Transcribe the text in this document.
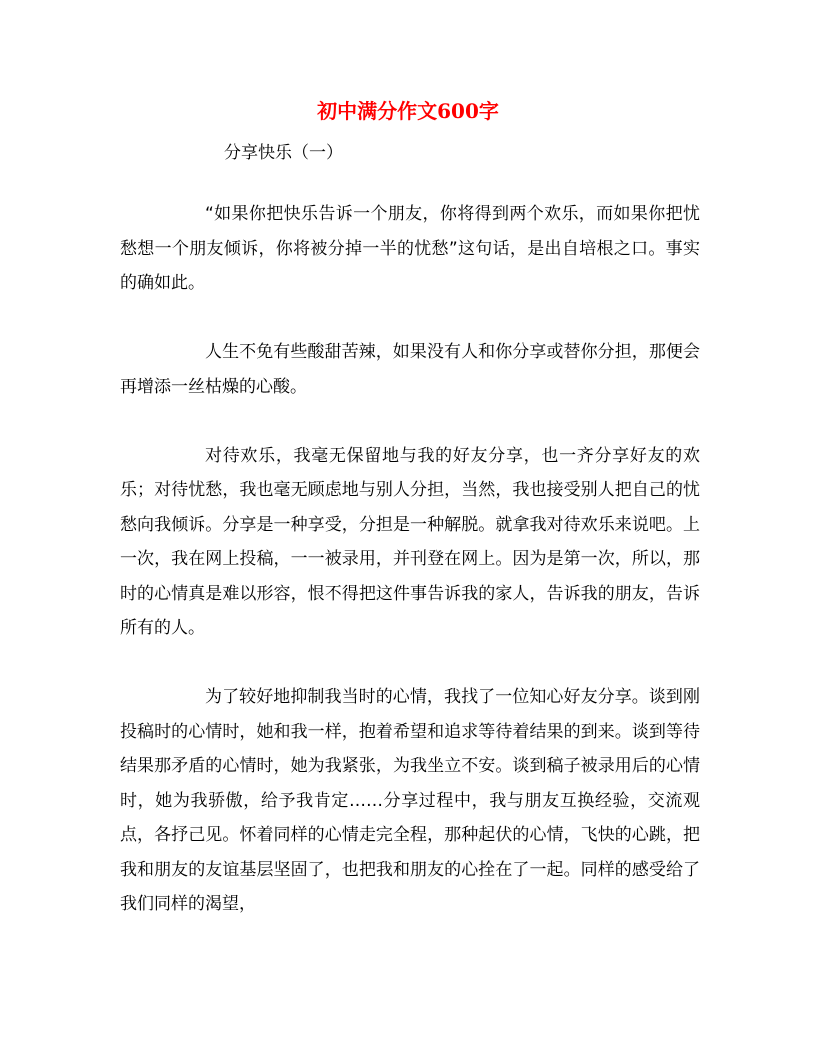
初中满分作文600字

分享快乐（一）

“如果你把快乐告诉一个朋友，你将得到两个欢乐，而如果你把忧愁想一个朋友倾诉，你将被分掉一半的忧愁”这句话，是出自培根之口。事实的确如此。

人生不免有些酸甜苦辣，如果没有人和你分享或替你分担，那便会再增添一丝枯燥的心酸。

对待欢乐，我毫无保留地与我的好友分享，也一齐分享好友的欢乐；对待忧愁，我也毫无顾虑地与别人分担，当然，我也接受别人把自己的忧愁向我倾诉。分享是一种享受，分担是一种解脱。就拿我对待欢乐来说吧。上一次，我在网上投稿，一一被录用，并刊登在网上。因为是第一次，所以，那时的心情真是难以形容，恨不得把这件事告诉我的家人，告诉我的朋友，告诉所有的人。

为了较好地抑制我当时的心情，我找了一位知心好友分享。谈到刚投稿时的心情时，她和我一样，抱着希望和追求等待着结果的到来。谈到等待结果那矛盾的心情时，她为我紧张，为我坐立不安。谈到稿子被录用后的心情时，她为我骄傲，给予我肯定……分享过程中，我与朋友互换经验，交流观点，各抒己见。怀着同样的心情走完全程，那种起伏的心情，飞快的心跳，把我和朋友的友谊基层坚固了，也把我和朋友的心拴在了一起。同样的感受给了我们同样的渴望，
